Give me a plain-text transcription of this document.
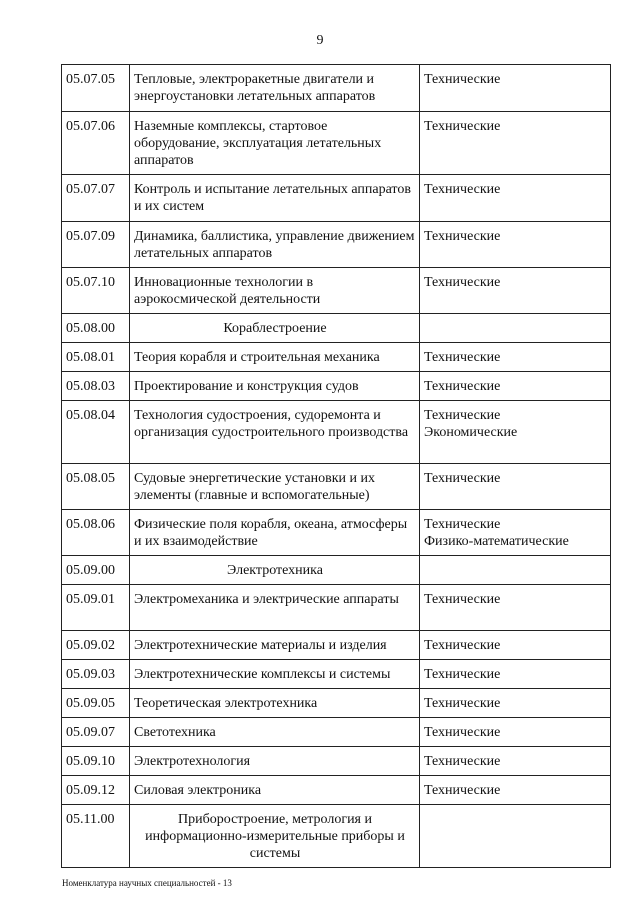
9
05.07.05	Тепловые, электроракетные двигатели и энергоустановки летательных аппаратов	Технические

05.07.06	Наземные комплексы, стартовое оборудование, эксплуатация летательных аппаратов	Технические

05.07.07	Контроль и испытание летательных аппаратов и их систем	Технические

05.07.09	Динамика, баллистика, управление движением летательных аппаратов	Технические

05.07.10	Инновационные технологии в аэрокосмической деятельности	Технические

05.08.00	Кораблестроение	
05.08.01	Теория корабля и строительная механика	Технические

05.08.03	Проектирование и конструкция судов	Технические

05.08.04	Технология судостроения, судоремонта и организация судостроительного производства	Технические
Экономические

05.08.05	Судовые энергетические установки и их элементы (главные и вспомогательные)	Технические

05.08.06	Физические поля корабля, океана, атмосферы и их взаимодействие	Технические
Физико-математические

05.09.00	Электротехника	
05.09.01	Электромеханика и электрические аппараты	Технические

05.09.02	Электротехнические материалы и изделия	Технические

05.09.03	Электротехнические комплексы и системы	Технические

05.09.05	Теоретическая электротехника	Технические

05.09.07	Светотехника	Технические

05.09.10	Электротехнология	Технические

05.09.12	Силовая электроника	Технические

05.11.00	Приборостроение, метрология и информационно-измерительные приборы и системы	
Номенклатура научных специальностей - 13
